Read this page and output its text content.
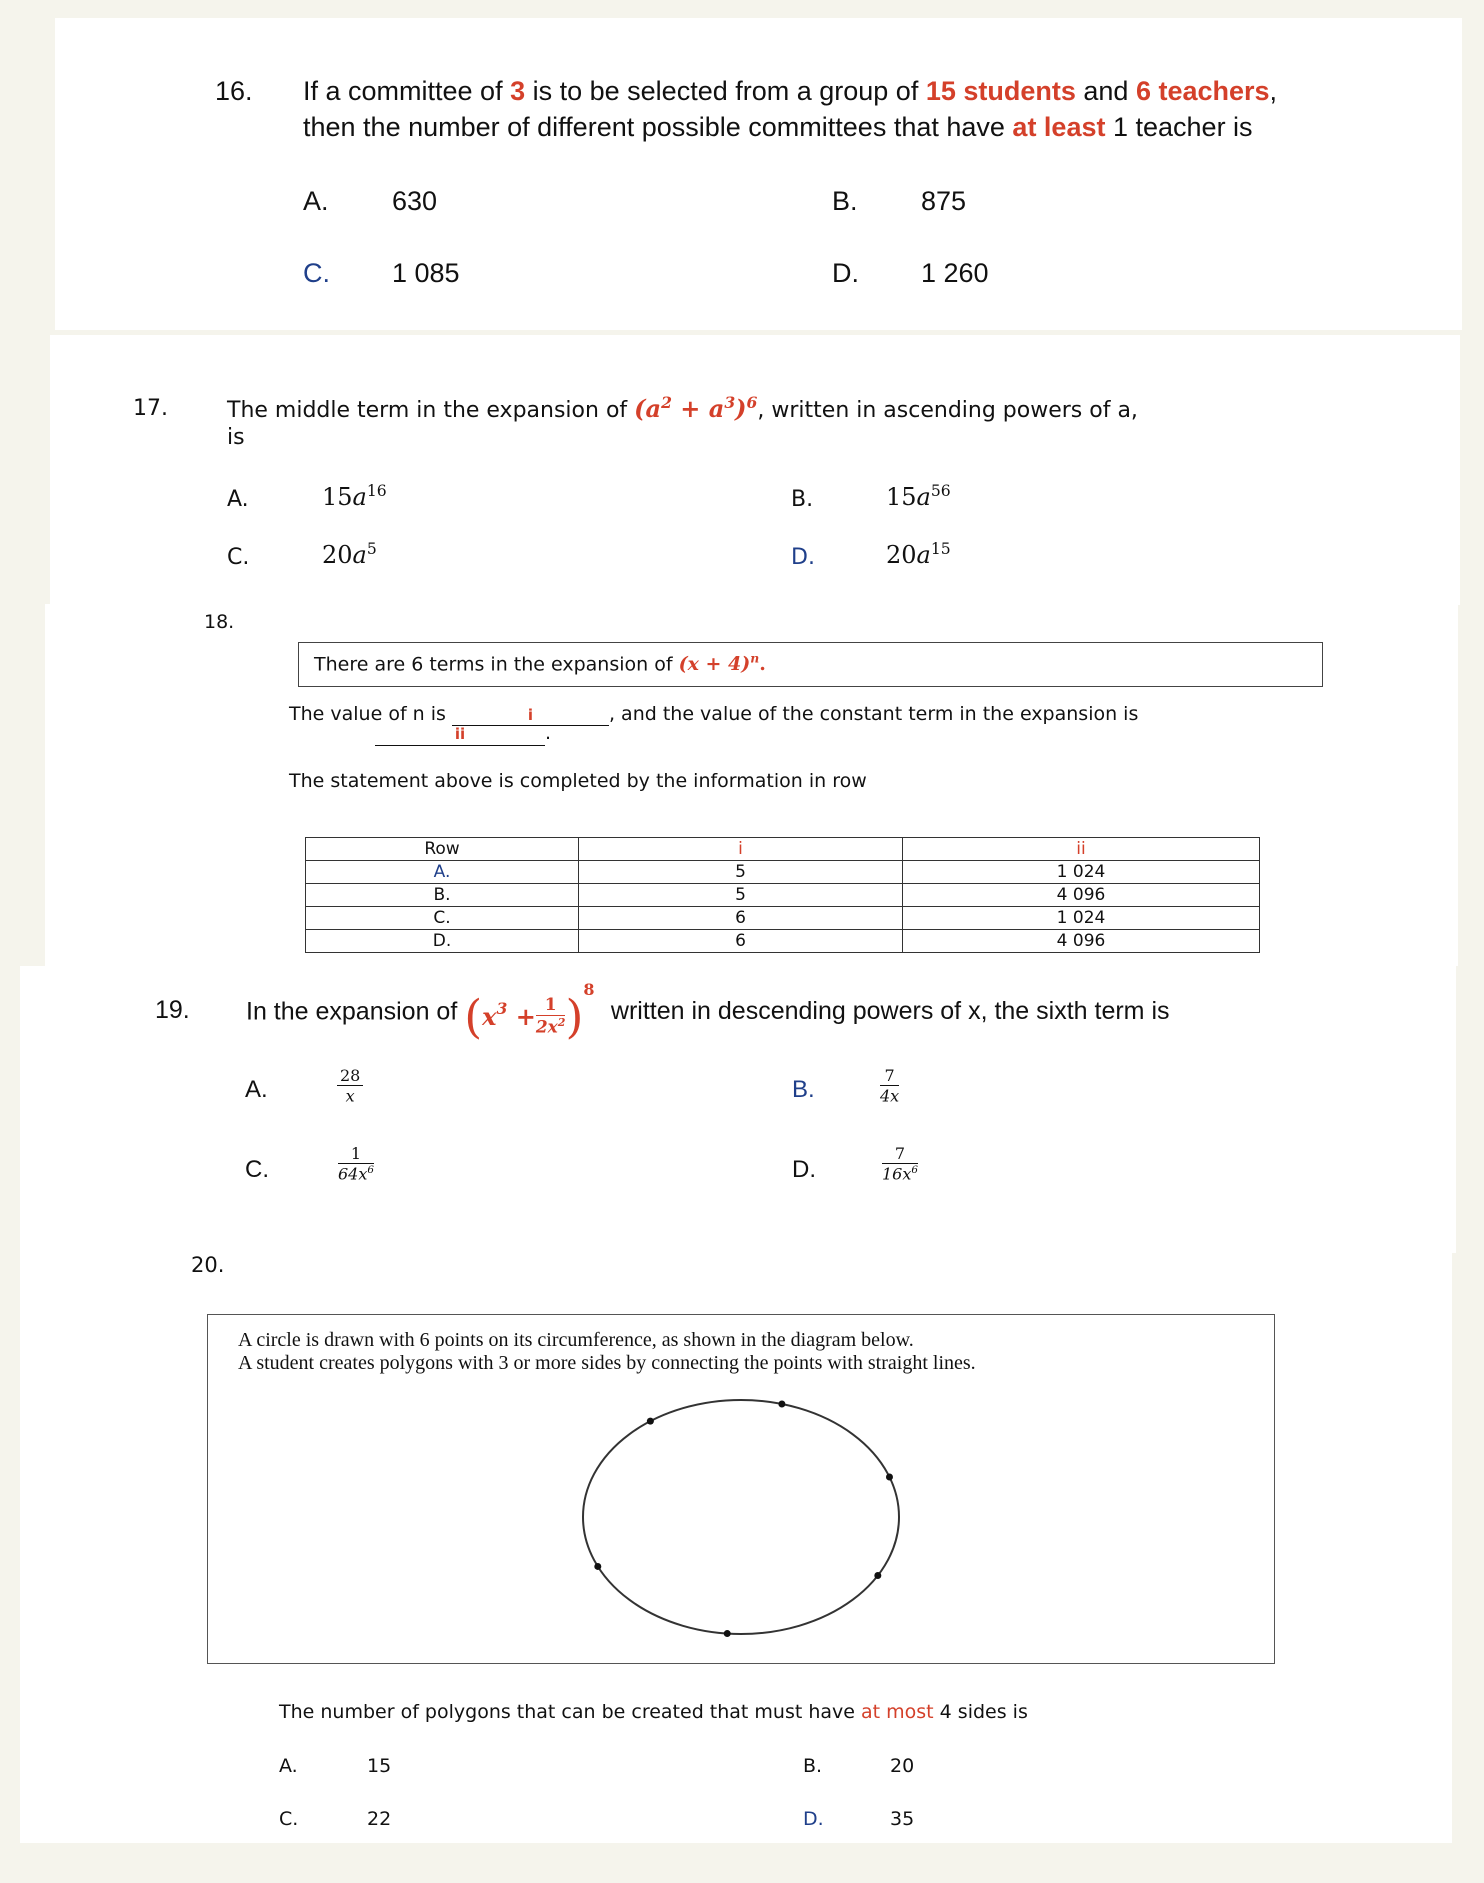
16. If a committee of 3 is to be selected from a group of 15 students and 6 teachers,
then the number of different possible committees that have at least 1 teacher is
A. 630	B. 875
C. 1 085	D. 1 260
17.	The middle term in the expansion of $(a^2 + a^3)^6$, written in ascending powers of a,
is
A.	$15a^{16}$	B.	$15a^{56}$
C.	$20a^5$	D.	$20a^{15}$
18.
There are 6 terms in the expansion of $(x + 4)^n$.
The value of n is	i	, and the value of the constant term in the expansion is
ii	.
The statement above is completed by the information in row
Row	i	ii
A.	5	1 024
B.	5	4 096
C.	6	1 024
D.	6	4 096
19. In the expansion of $(x^3 + \frac{1}{2x^2} )^8$ written in descending powers of x, the sixth term is
A.	$\frac{28}{x}$	B.	$\frac{7}{4x}$
C.	$\frac{1}{64x^6}$	D.	$\frac{7}{16x^6}$
20.
A circle is drawn with 6 points on its circumference, as shown in the diagram below.
A student creates polygons with 3 or more sides by connecting the points with straight lines.
The number of polygons that can be created that must have at most 4 sides is
A.	15	B.	20
C.	22	D.	35
